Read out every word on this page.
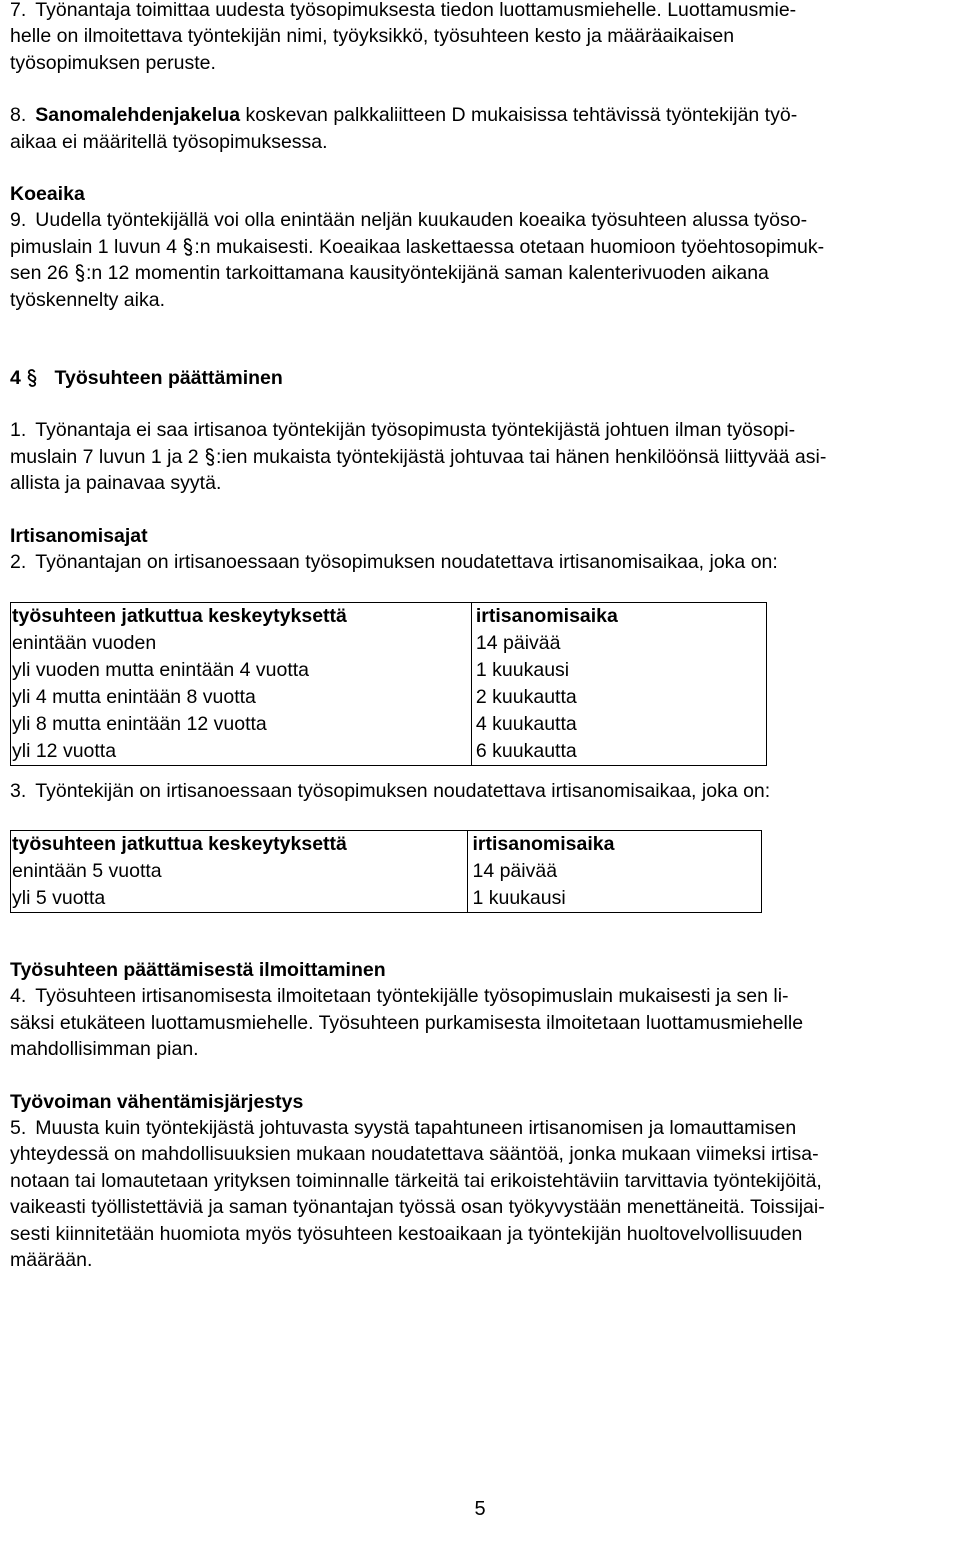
7. Työnantaja toimittaa uudesta työsopimuksesta tiedon luottamusmiehelle. Luottamusmie-
helle on ilmoitettava työntekijän nimi, työyksikkö, työsuhteen kesto ja määräaikaisen
työsopimuksen peruste.

8. Sanomalehdenjakelua koskevan palkkaliitteen D mukaisissa tehtävissä työntekijän työ-
aikaa ei määritellä työsopimuksessa.

Koeaika

9. Uudella työntekijällä voi olla enintään neljän kuukauden koeaika työsuhteen alussa työso-
pimuslain 1 luvun 4 :n mukaisesti. Koeaikaa laskettaessa otetaan huomioon työehtosopimuk-
sen 26 :n 12 momentin tarkoittamana kausityöntekijänä saman kalenterivuoden aikana
työskennelty aika.

4 Työsuhteen päättäminen

1. Työnantaja ei saa irtisanoa työntekijän työsopimusta työntekijästä johtuen ilman työsopi-
muslain 7 luvun 1 ja 2 :ien mukaista työntekijästä johtuvaa tai hänen henkilöönsä liittyvää asi-
allista ja painavaa syytä.

Irtisanomisajat

2. Työnantajan on irtisanoessaan työsopimuksen noudatettava irtisanomisaikaa, joka on:

työsuhteen jatkuttua keskeytyksettä	irtisanomisaika
enintään vuoden	14 päivää
yli vuoden mutta enintään 4 vuotta	1 kuukausi
yli 4 mutta enintään 8 vuotta	2 kuukautta
yli 8 mutta enintään 12 vuotta	4 kuukautta
yli 12 vuotta	6 kuukautta

3. Työntekijän on irtisanoessaan työsopimuksen noudatettava irtisanomisaikaa, joka on:

työsuhteen jatkuttua keskeytyksettä	irtisanomisaika
enintään 5 vuotta	14 päivää
yli 5 vuotta	1 kuukausi

Työsuhteen päättämisestä ilmoittaminen

4. Työsuhteen irtisanomisesta ilmoitetaan työntekijälle työsopimuslain mukaisesti ja sen li-
säksi etukäteen luottamusmiehelle. Työsuhteen purkamisesta ilmoitetaan luottamusmiehelle
mahdollisimman pian.

Työvoiman vähentämisjärjestys

5. Muusta kuin työntekijästä johtuvasta syystä tapahtuneen irtisanomisen ja lomauttamisen
yhteydessä on mahdollisuuksien mukaan noudatettava sääntöä, jonka mukaan viimeksi irtisa-
notaan tai lomautetaan yrityksen toiminnalle tärkeitä tai erikoistehtäviin tarvittavia työntekijöitä,
vaikeasti työllistettäviä ja saman työnantajan työssä osan työkyvystään menettäneitä. Toissijai-
sesti kiinnitetään huomiota myös työsuhteen kestoaikaan ja työntekijän huoltovelvollisuuden
määrään.

5
